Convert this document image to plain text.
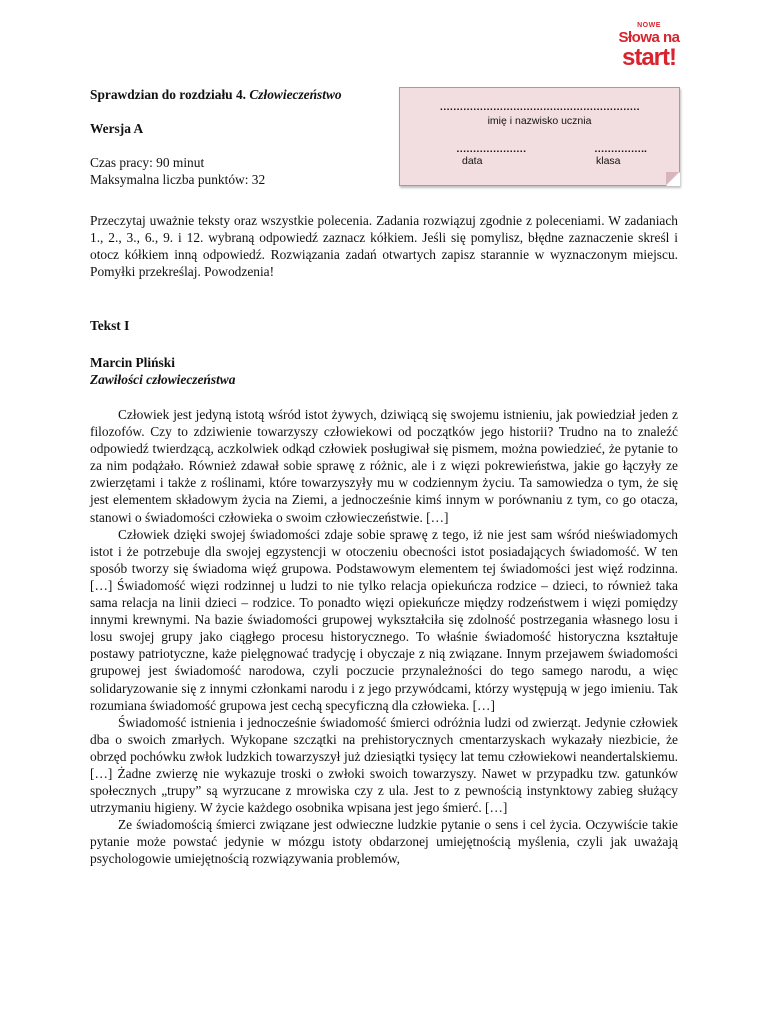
NOWE
Słowa na
start!
Sprawdzian do rozdziału 4. Człowieczeństwo
Wersja A
Czas pracy: 90 minut
Maksymalna liczba punktów: 32
……………………………………………………
imię i nazwisko ucznia
…………………	…………….
data	klasa
Przeczytaj uważnie teksty oraz wszystkie polecenia. Zadania rozwiązuj zgodnie z poleceniami. W zadaniach 1., 2., 3., 6., 9. i 12. wybraną odpowiedź zaznacz kółkiem. Jeśli się pomylisz, błędne zaznaczenie skreśl i otocz kółkiem inną odpowiedź. Rozwiązania zadań otwartych zapisz starannie w wyznaczonym miejscu. Pomyłki przekreślaj. Powodzenia!
Tekst I
Marcin Pliński
Zawiłości człowieczeństwa

Człowiek jest jedyną istotą wśród istot żywych, dziwiącą się swojemu istnieniu, jak powiedział jeden z filozofów. Czy to zdziwienie towarzyszy człowiekowi od początków jego historii? Trudno na to znaleźć odpowiedź twierdzącą, aczkolwiek odkąd człowiek posługiwał się pismem, można powiedzieć, że pytanie to za nim podążało. Również zdawał sobie sprawę z różnic, ale i z więzi pokrewieństwa, jakie go łączyły ze zwierzętami i także z roślinami, które towarzyszyły mu w codziennym życiu. Ta samowiedza o tym, że się jest elementem składowym życia na Ziemi, a jednocześnie kimś innym w porównaniu z tym, co go otacza, stanowi o świadomości człowieka o swoim człowieczeństwie. […]

Człowiek dzięki swojej świadomości zdaje sobie sprawę z tego, iż nie jest sam wśród nieświadomych istot i że potrzebuje dla swojej egzystencji w otoczeniu obecności istot posiadających świadomość. W ten sposób tworzy się świadoma więź grupowa. Podstawowym elementem tej świadomości jest więź rodzinna. […] Świadomość więzi rodzinnej u ludzi to nie tylko relacja opiekuńcza rodzice – dzieci, to również taka sama relacja na linii dzieci – rodzice. To ponadto więzi opiekuńcze między rodzeństwem i więzi pomiędzy innymi krewnymi. Na bazie świadomości grupowej wykształciła się zdolność postrzegania własnego losu i losu swojej grupy jako ciągłego procesu historycznego. To właśnie świadomość historyczna kształtuje postawy patriotyczne, każe pielęgnować tradycję i obyczaje z nią związane. Innym przejawem świadomości grupowej jest świadomość narodowa, czyli poczucie przynależności do tego samego narodu, a więc solidaryzowanie się z innymi członkami narodu i z jego przywódcami, którzy występują w jego imieniu. Tak rozumiana świadomość grupowa jest cechą specyficzną dla człowieka. […]

Świadomość istnienia i jednocześnie świadomość śmierci odróżnia ludzi od zwierząt. Jedynie człowiek dba o swoich zmarłych. Wykopane szczątki na prehistorycznych cmentarzyskach wykazały niezbicie, że obrzęd pochówku zwłok ludzkich towarzyszył już dziesiątki tysięcy lat temu człowiekowi neandertalskiemu. […] Żadne zwierzę nie wykazuje troski o zwłoki swoich towarzyszy. Nawet w przypadku tzw. gatunków społecznych „trupy” są wyrzucane z mrowiska czy z ula. Jest to z pewnością instynktowy zabieg służący utrzymaniu higieny. W życie każdego osobnika wpisana jest jego śmierć. […]

Ze świadomością śmierci związane jest odwieczne ludzkie pytanie o sens i cel życia. Oczywiście takie pytanie może powstać jedynie w mózgu istoty obdarzonej umiejętnością myślenia, czyli jak uważają psychologowie umiejętnością rozwiązywania problemów,
